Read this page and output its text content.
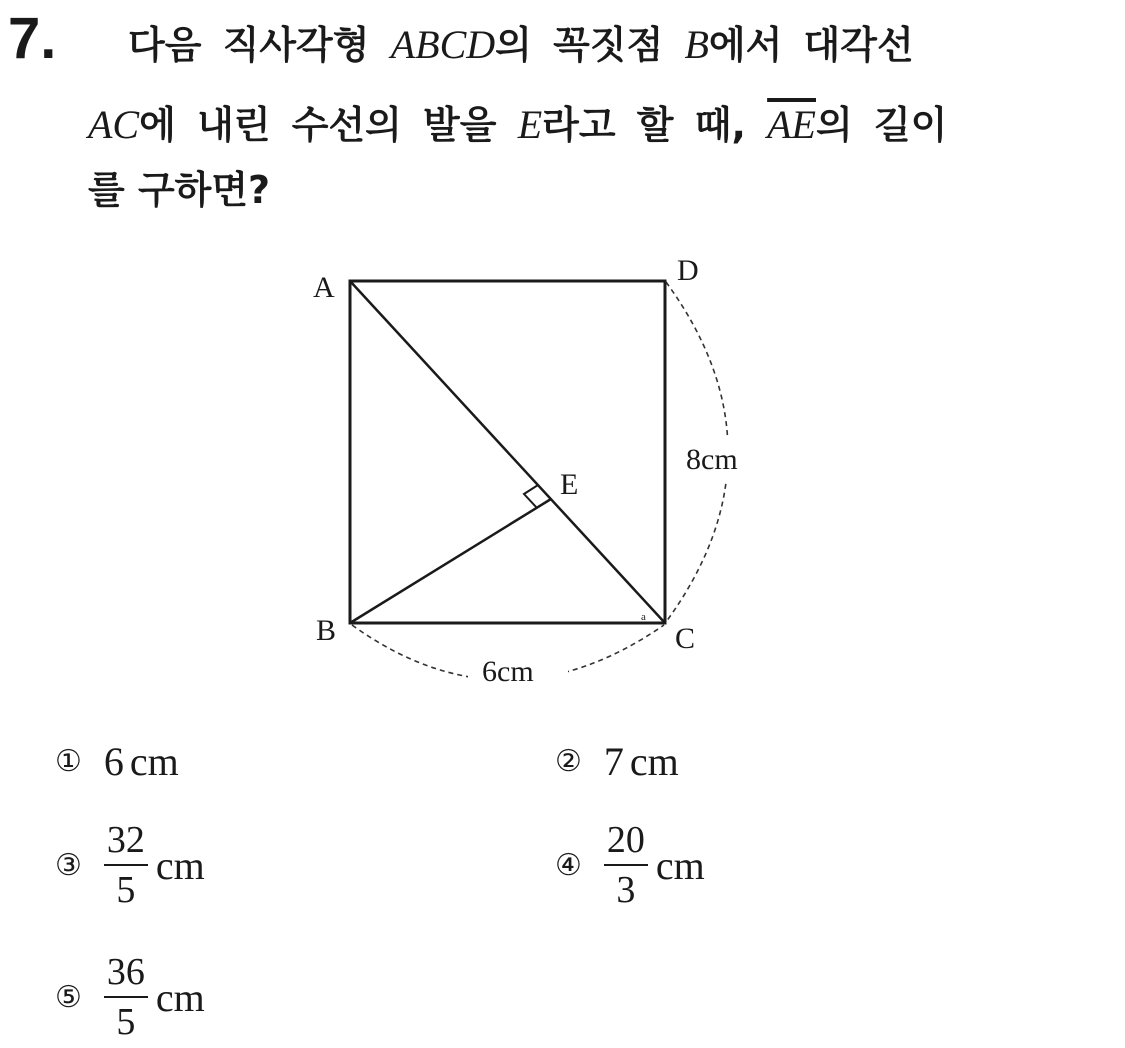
7. 다음 직사각형 ABCD의 꼭짓점 B에서 대각선
AC에 내린 수선의 발을 E라고 할 때, $\overline{AE}$의 길이
를 구하면?
A
D
B	C
E
6cm
8cm
a
① 6 cm	② 7 cm
③ $\frac{32}{5}$ cm	④ $\frac{20}{3}$ cm
⑤ $\frac{36}{5}$ cm
